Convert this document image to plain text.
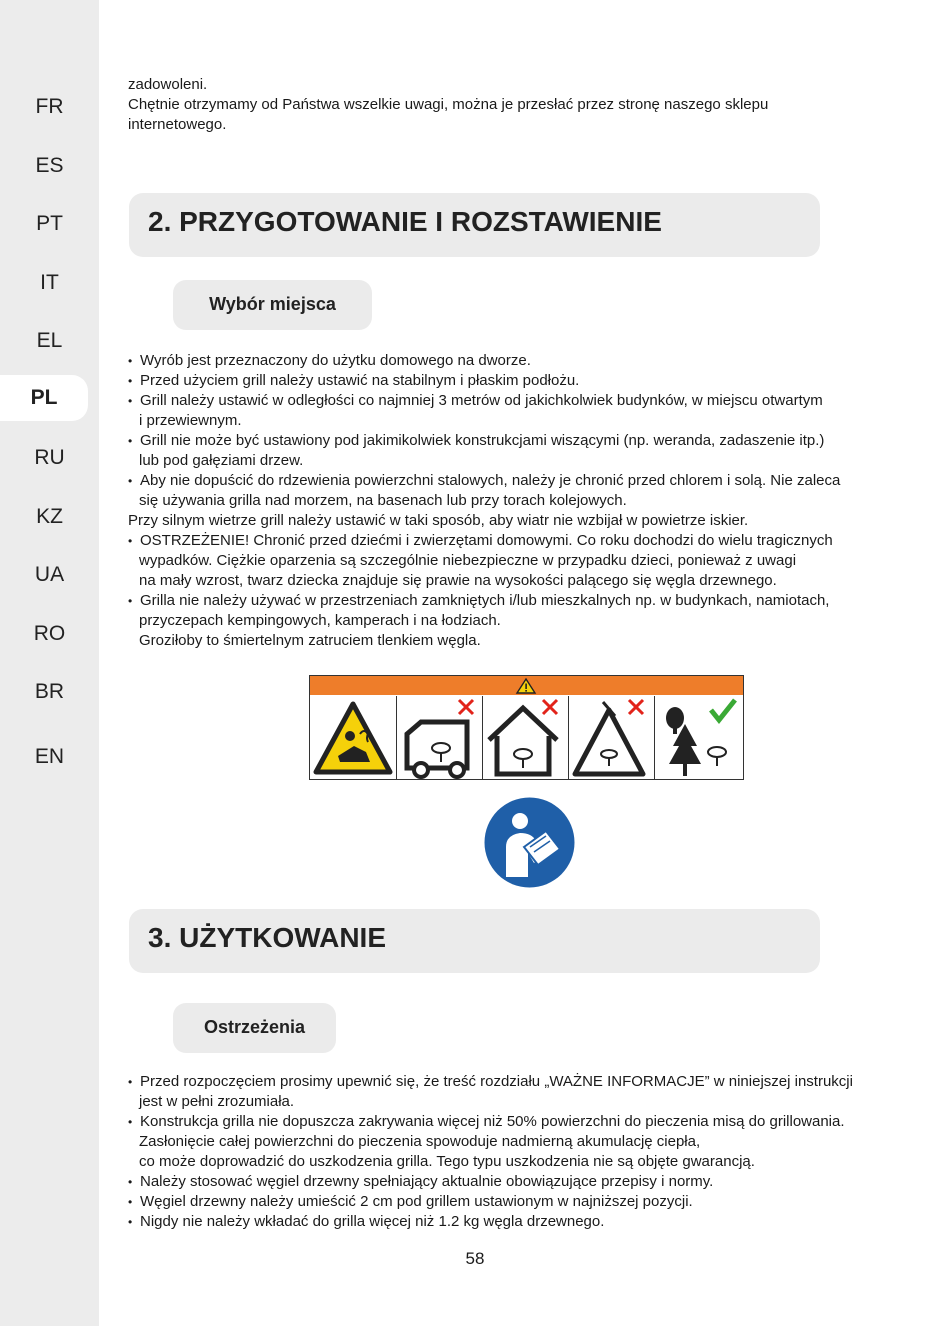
FR
ES
PT
IT
EL
PL
RU
KZ
UA
RO
BR
EN

zadowoleni.

Chętnie otrzymamy od Państwa wszelkie uwagi, można je przesłać przez stronę naszego sklepu

internetowego.

2. PRZYGOTOWANIE I ROZSTAWIENIE
Wybór miejsca
• Wyrób jest przeznaczony do użytku domowego na dworze.
• Przed użyciem grill należy ustawić na stabilnym i płaskim podłożu.
• Grill należy ustawić w odległości co najmniej 3 metrów od jakichkolwiek budynków, w miejscu otwartym
i przewiewnym.
• Grill nie może być ustawiony pod jakimikolwiek konstrukcjami wiszącymi (np. weranda, zadaszenie itp.)
lub pod gałęziami drzew.
• Aby nie dopuścić do rdzewienia powierzchni stalowych, należy je chronić przed chlorem i solą. Nie zaleca
się używania grilla nad morzem, na basenach lub przy torach kolejowych.
Przy silnym wietrze grill należy ustawić w taki sposób, aby wiatr nie wzbijał w powietrze iskier.
• OSTRZEŻENIE! Chronić przed dziećmi i zwierzętami domowymi. Co roku dochodzi do wielu tragicznych
wypadków. Ciężkie oparzenia są szczególnie niebezpieczne w przypadku dzieci, ponieważ z uwagi
na mały wzrost, twarz dziecka znajduje się prawie na wysokości palącego się węgla drzewnego.
• Grilla nie należy używać w przestrzeniach zamkniętych i/lub mieszkalnych np. w budynkach, namiotach,
przyczepach kempingowych, kamperach i na łodziach.
Groziłoby to śmiertelnym zatruciem tlenkiem węgla.
3. UŻYTKOWANIE
Ostrzeżenia
• Przed rozpoczęciem prosimy upewnić się, że treść rozdziału „WAŻNE INFORMACJE” w niniejszej instrukcji
jest w pełni zrozumiała.
• Konstrukcja grilla nie dopuszcza zakrywania więcej niż 50% powierzchni do pieczenia misą do grillowania.
Zasłonięcie całej powierzchni do pieczenia spowoduje nadmierną akumulację ciepła,
co może doprowadzić do uszkodzenia grilla. Tego typu uszkodzenia nie są objęte gwarancją.
• Należy stosować węgiel drzewny spełniający aktualnie obowiązujące przepisy i normy.
• Węgiel drzewny należy umieścić 2 cm pod grillem ustawionym w najniższej pozycji.
• Nigdy nie należy wkładać do grilla więcej niż 1.2 kg węgla drzewnego.
58
